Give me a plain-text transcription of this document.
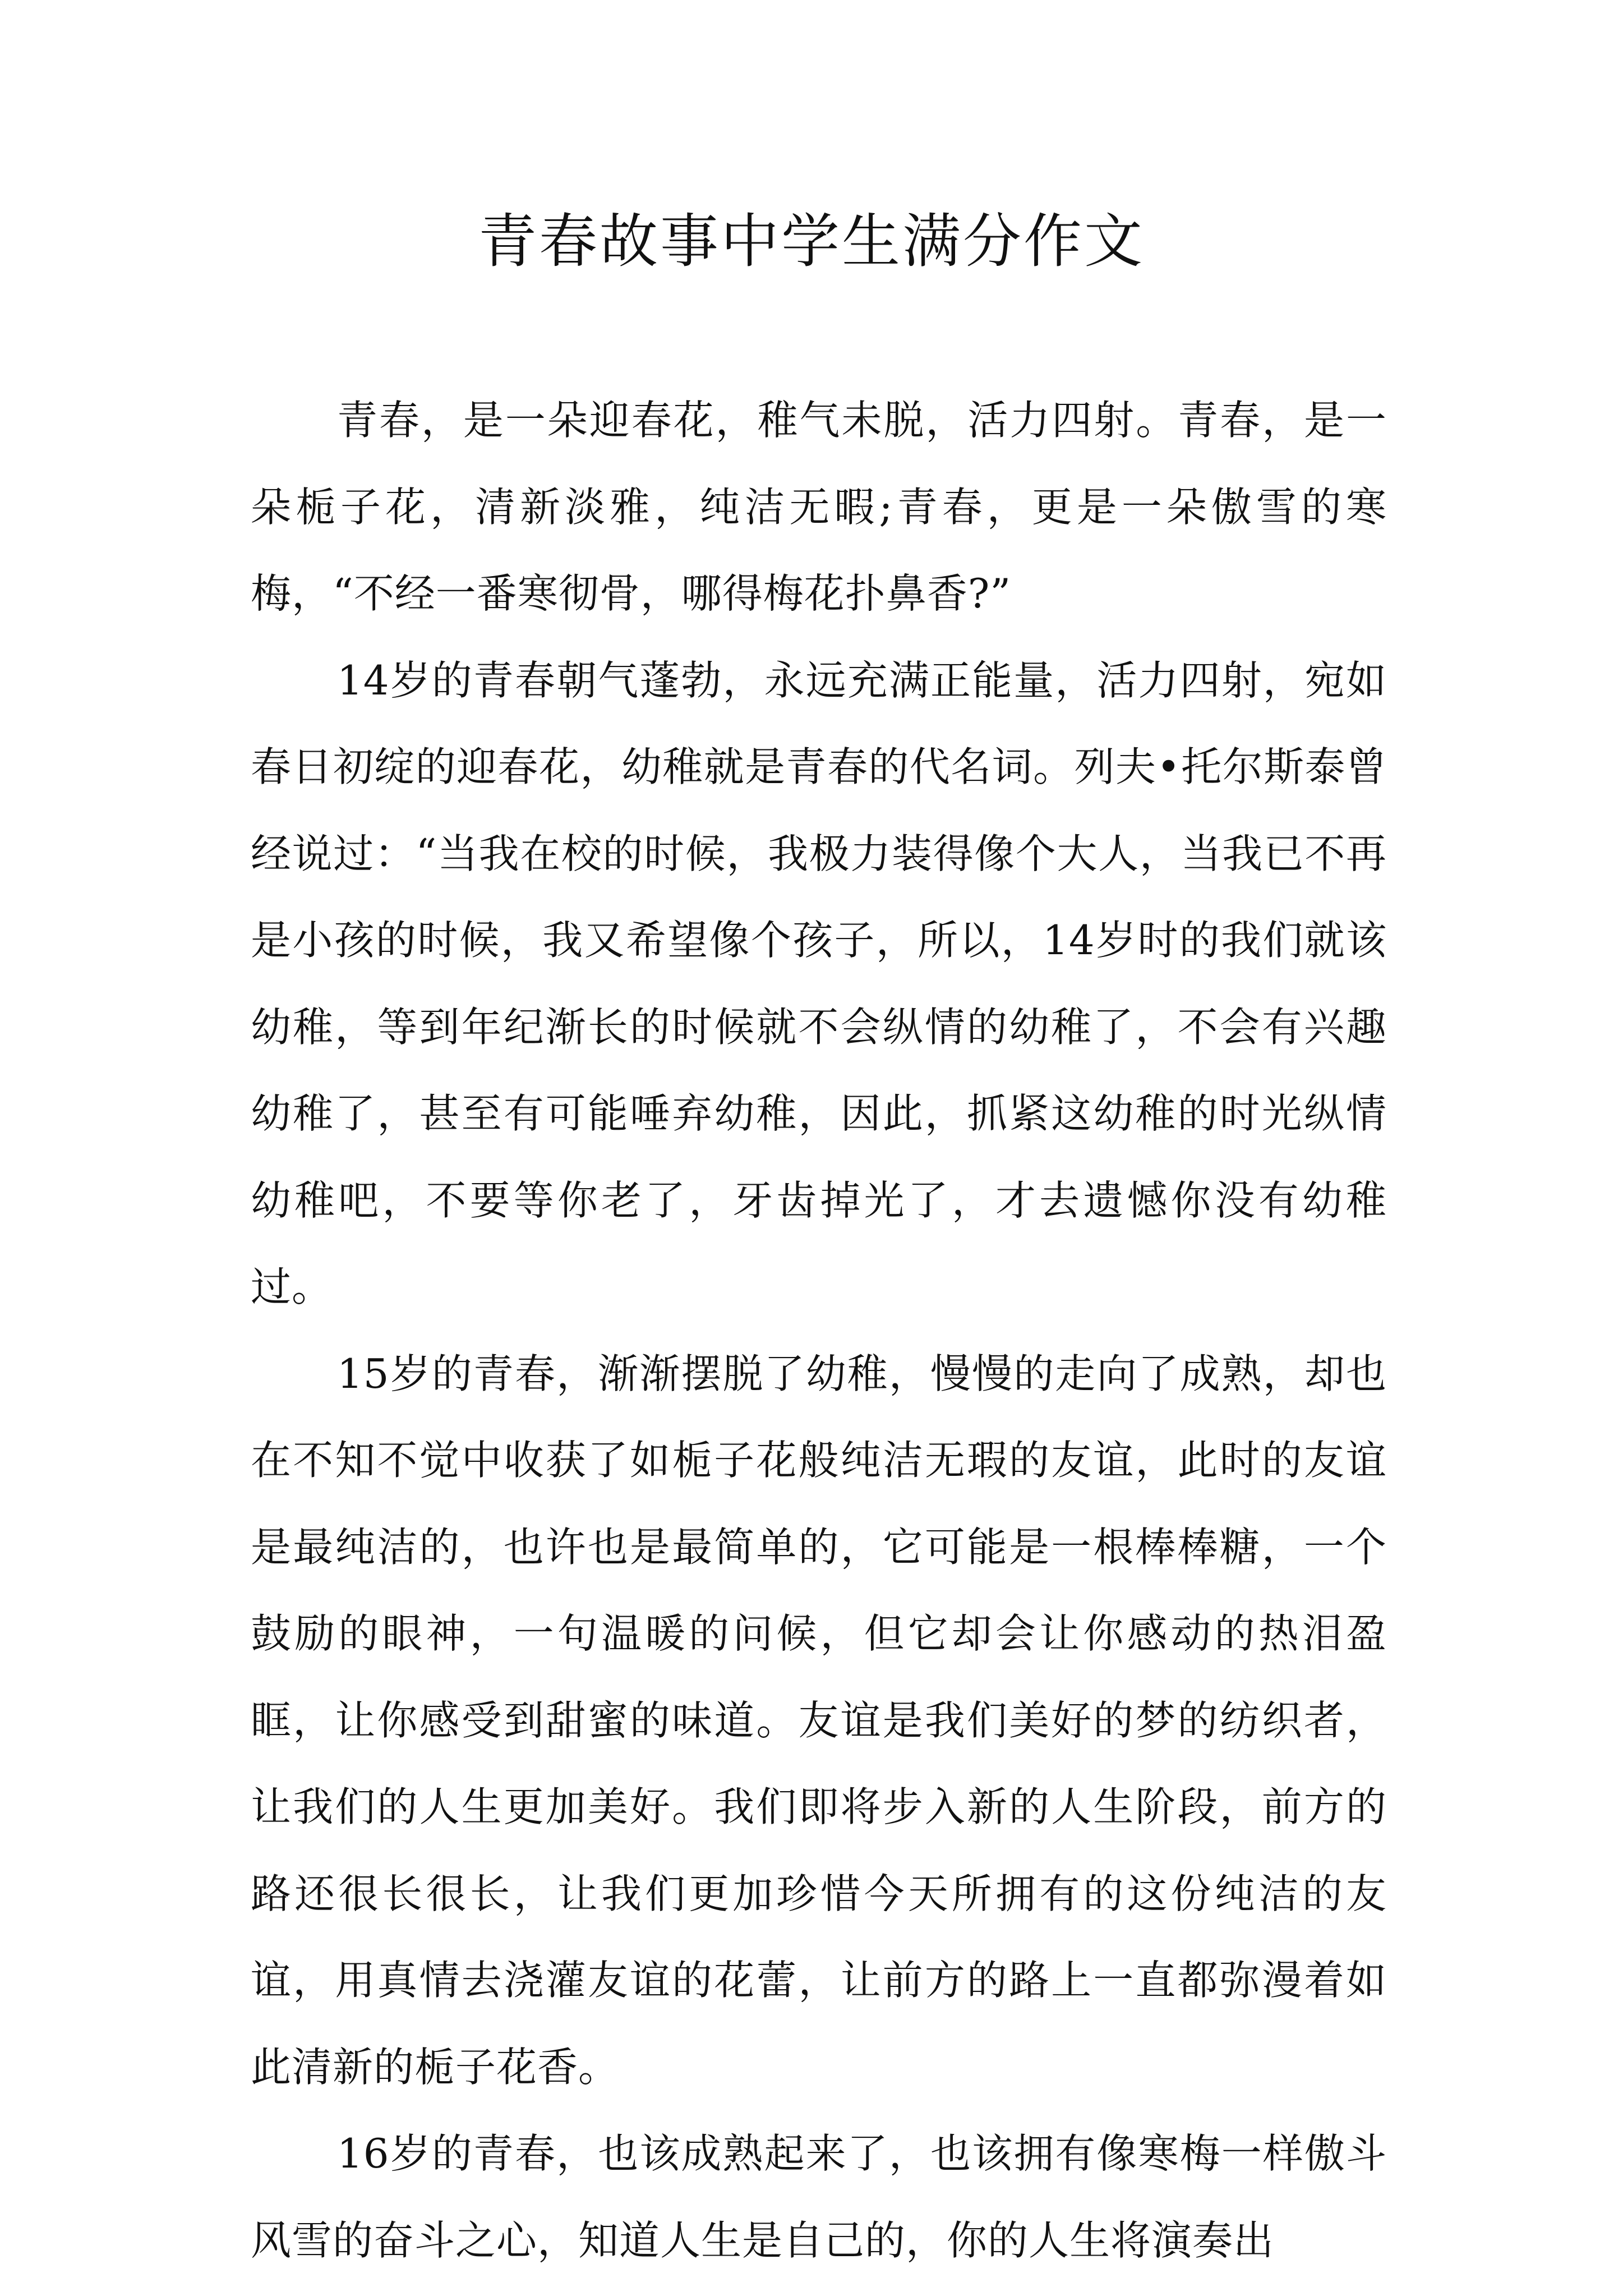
青春故事中学生满分作文

青春，是一朵迎春花，稚气未脱，活力四射。青春，是一朵栀子花，清新淡雅，纯洁无暇;青春，更是一朵傲雪的寒梅，“不经一番寒彻骨，哪得梅花扑鼻香?”

14岁的青春朝气蓬勃，永远充满正能量，活力四射，宛如春日初绽的迎春花，幼稚就是青春的代名词。列夫•托尔斯泰曾经说过：“当我在校的时候，我极力装得像个大人，当我已不再是小孩的时候，我又希望像个孩子，所以，14岁时的我们就该幼稚，等到年纪渐长的时候就不会纵情的幼稚了，不会有兴趣幼稚了，甚至有可能唾弃幼稚，因此，抓紧这幼稚的时光纵情幼稚吧，不要等你老了，牙齿掉光了，才去遗憾你没有幼稚过。

15岁的青春，渐渐摆脱了幼稚，慢慢的走向了成熟，却也在不知不觉中收获了如栀子花般纯洁无瑕的友谊，此时的友谊是最纯洁的，也许也是最简单的，它可能是一根棒棒糖，一个鼓励的眼神，一句温暖的问候，但它却会让你感动的热泪盈眶，让你感受到甜蜜的味道。友谊是我们美好的梦的纺织者，让我们的人生更加美好。我们即将步入新的人生阶段，前方的路还很长很长，让我们更加珍惜今天所拥有的这份纯洁的友谊，用真情去浇灌友谊的花蕾，让前方的路上一直都弥漫着如此清新的栀子花香。

16岁的青春，也该成熟起来了，也该拥有像寒梅一样傲斗风雪的奋斗之心，知道人生是自己的，你的人生将演奏出
